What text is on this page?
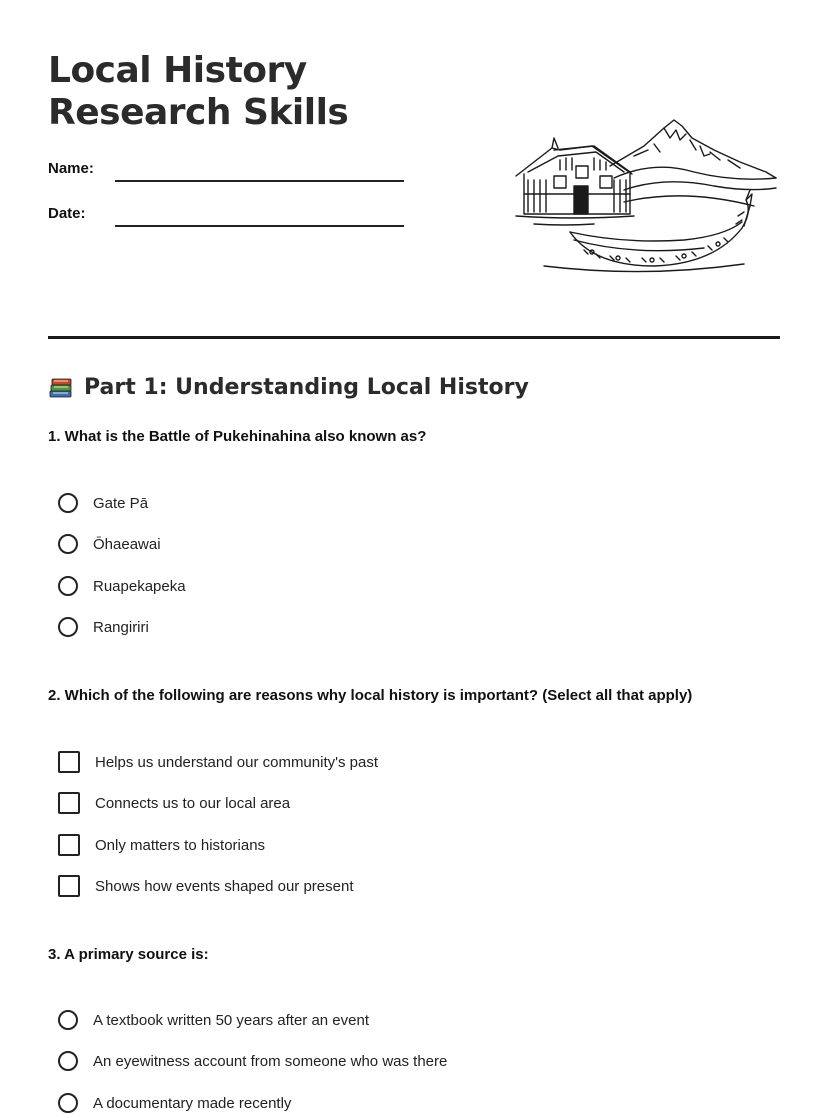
Local History Research Skills
Name:
Date:
Part 1: Understanding Local History

1. What is the Battle of Pukehinahina also known as?

Gate Pā
Ōhaeawai
Ruapekapeka
Rangiriri

2. Which of the following are reasons why local history is important? (Select all that apply)

Helps us understand our community's past
Connects us to our local area
Only matters to historians
Shows how events shaped our present

3. A primary source is:

A textbook written 50 years after an event
An eyewitness account from someone who was there
A documentary made recently
